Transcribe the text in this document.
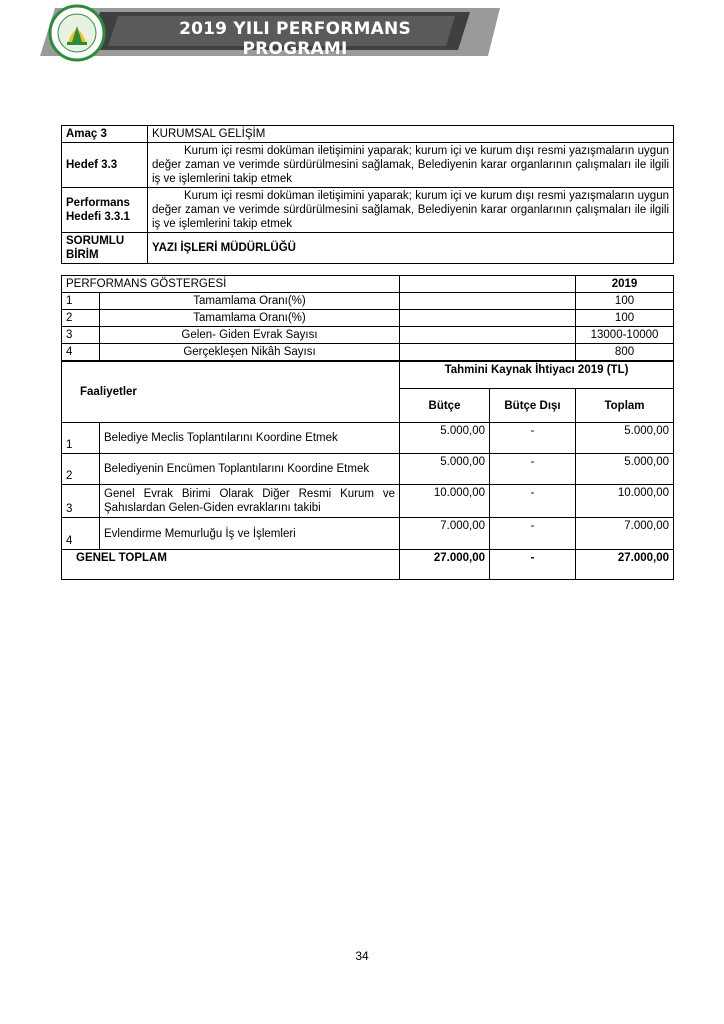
2019 YILI PERFORMANS PROGRAMI
Amaç 3	KURUMSAL GELİŞİM
Hedef 3.3	Kurum içi resmi doküman iletişimini yaparak; kurum içi ve kurum dışı resmi yazışmaların uygun değer zaman ve verimde sürdürülmesini sağlamak, Belediyenin karar organlarının çalışmaları ile ilgili iş ve işlemlerini takip etmek
Performans Hedefi 3.3.1	Kurum içi resmi doküman iletişimini yaparak; kurum içi ve kurum dışı resmi yazışmaların uygun değer zaman ve verimde sürdürülmesini sağlamak, Belediyenin karar organlarının çalışmaları ile ilgili iş ve işlemlerini takip etmek
SORUMLU BİRİM	YAZI İŞLERİ MÜDÜRLÜĞÜ
PERFORMANS GÖSTERGESİ			2019
1	Tamamlama Oranı(%)		100
2	Tamamlama Oranı(%)		100
3	Gelen- Giden Evrak Sayısı		13000-10000
4	Gerçekleşen Nikâh Sayısı		800
Faaliyetler		Tahmini Kaynak İhtiyacı 2019 (TL)		
		Bütçe	Bütçe Dışı	Toplam
1	Belediye Meclis Toplantılarını Koordine Etmek	5.000,00	-	5.000,00
2	Belediyenin Encümen Toplantılarını Koordine Etmek	5.000,00	-	5.000,00
3	Genel Evrak Birimi Olarak Diğer Resmi Kurum ve Şahıslardan Gelen-Giden evraklarını takibi	10.000,00	-	10.000,00
4	Evlendirme Memurluğu İş ve İşlemleri	7.000,00	-	7.000,00
GENEL TOPLAM		27.000,00	-	27.000,00
34
